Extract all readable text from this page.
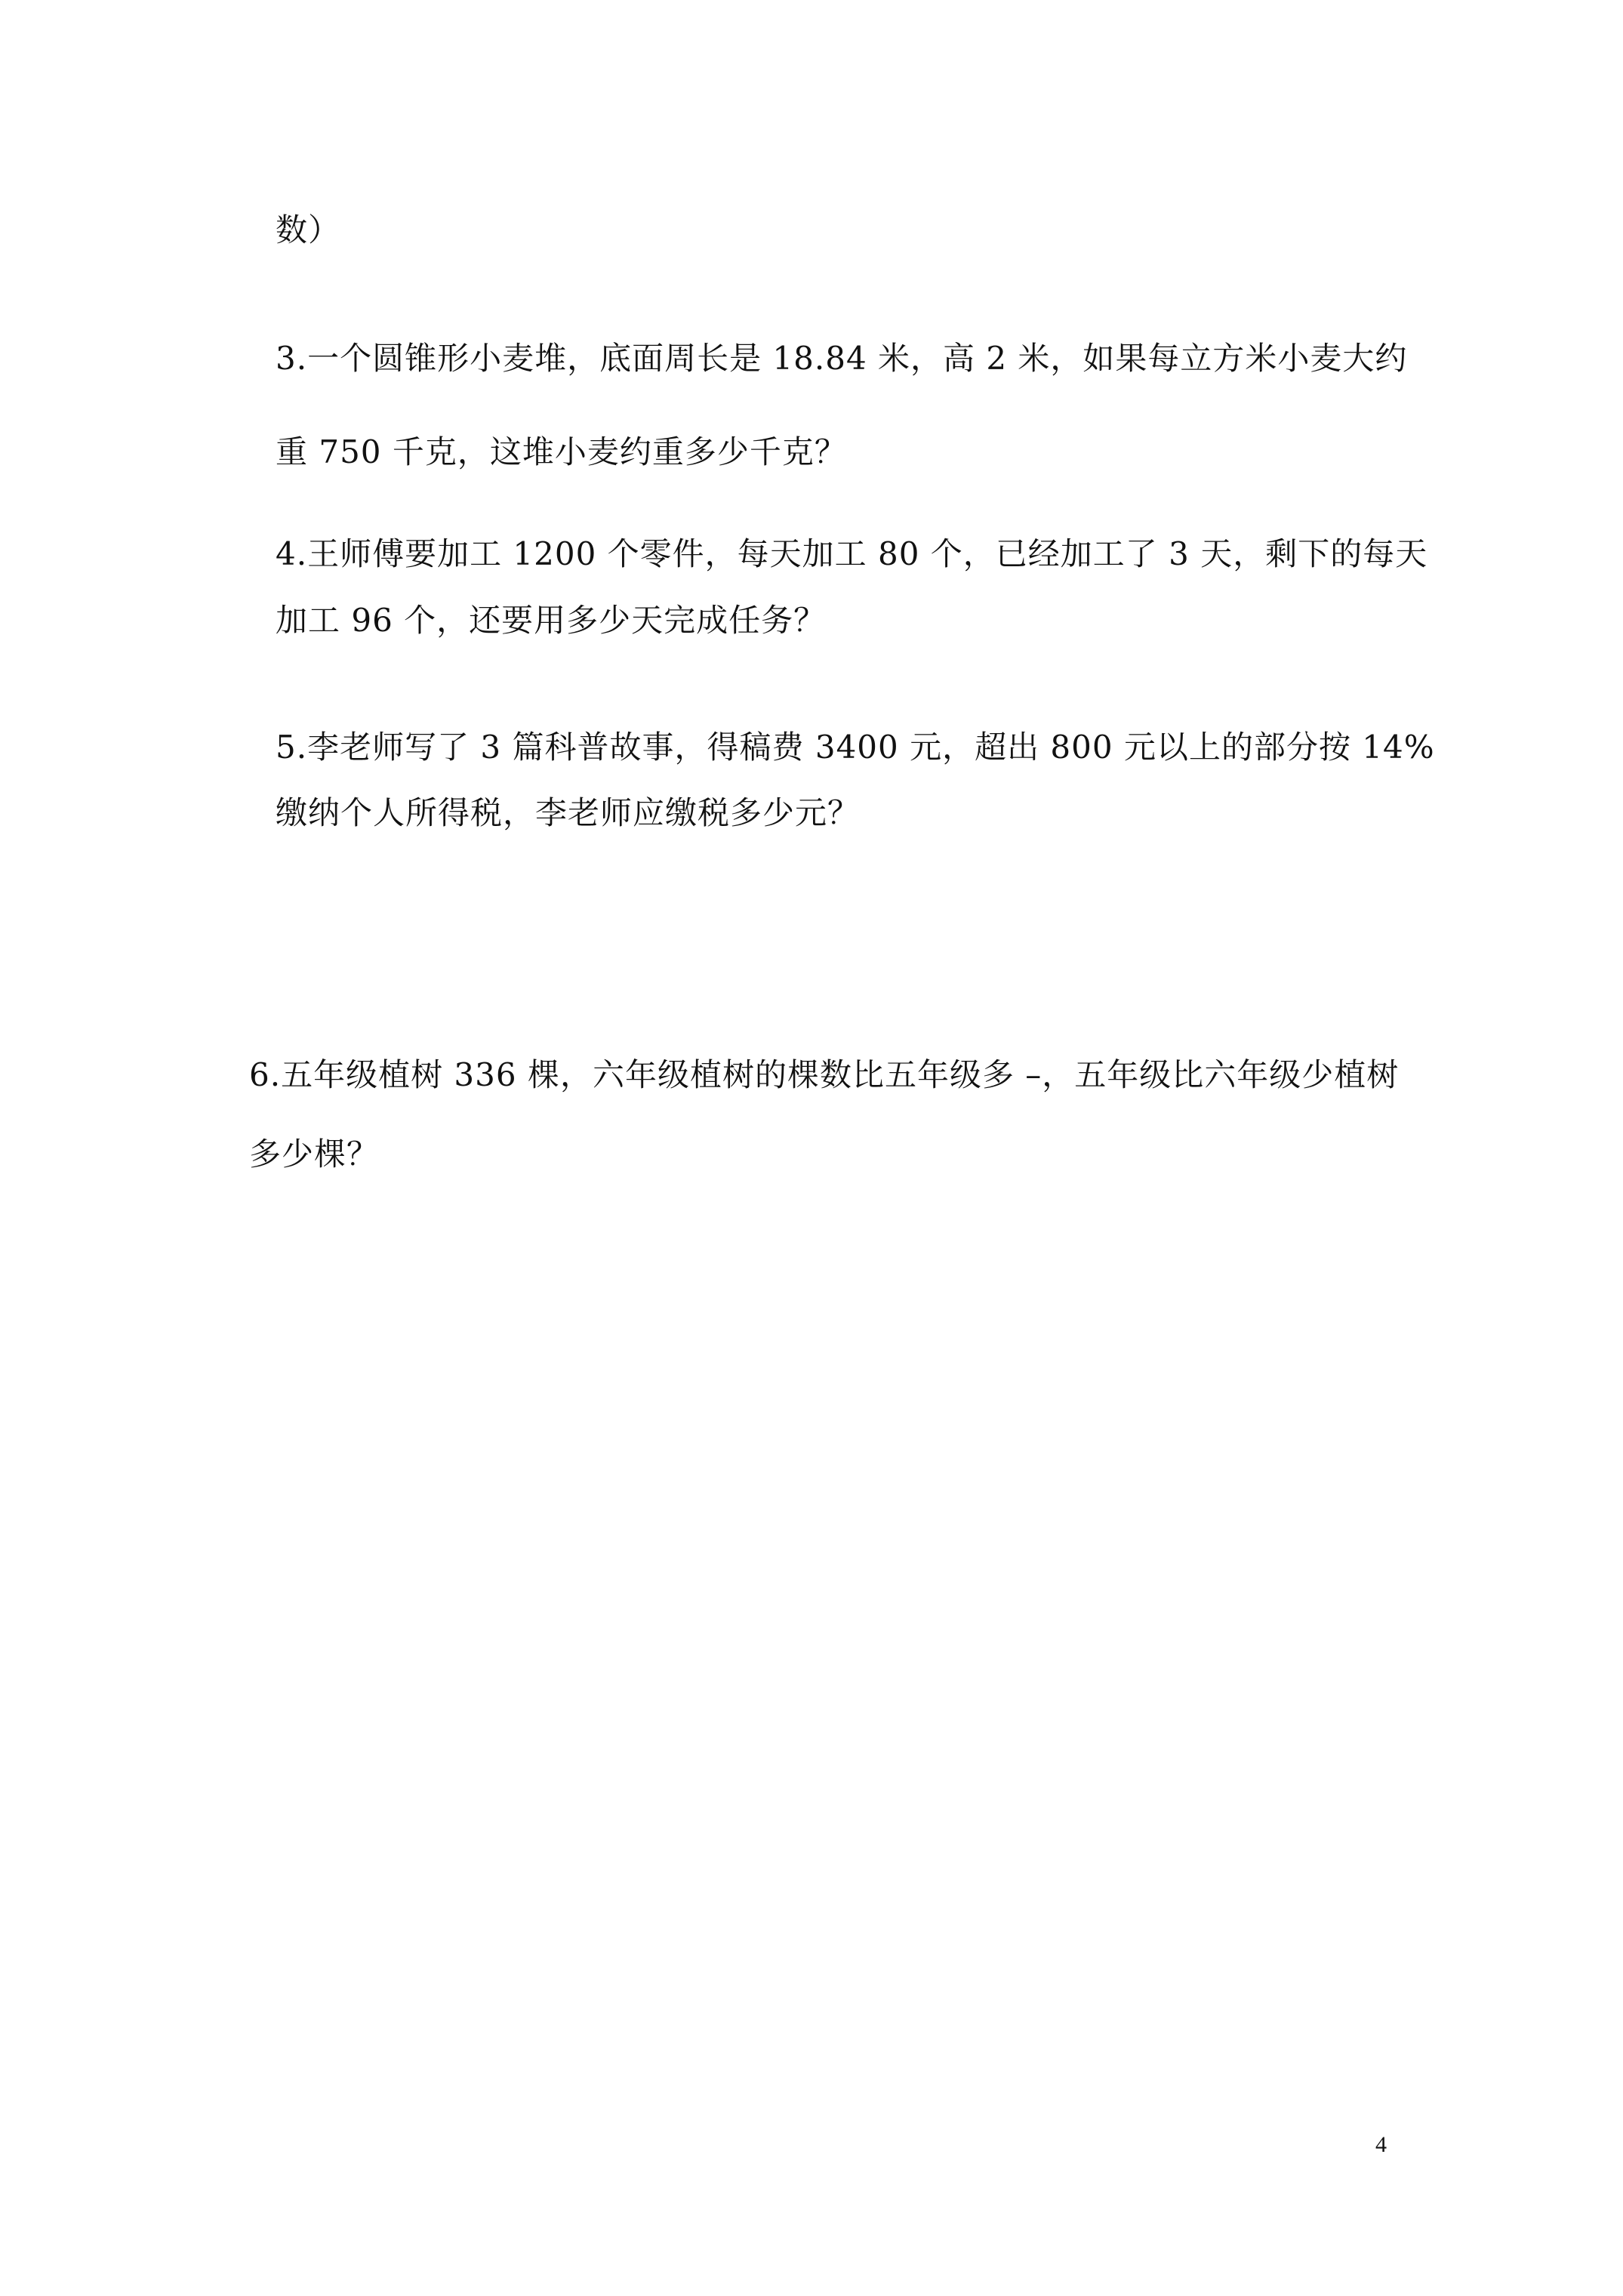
数）
3.一个圆锥形小麦堆，底面周长是 18.84 米，高 2 米，如果每立方米小麦大约
重 750 千克，这堆小麦约重多少千克？
4.王师傅要加工 1200 个零件，每天加工 80 个，已经加工了 3 天，剩下的每天
加工 96 个，还要用多少天完成任务？
5.李老师写了 3 篇科普故事，得稿费 3400 元，超出 800 元以上的部分按 14%
缴纳个人所得税，李老师应缴税多少元？
6.五年级植树 336 棵，六年级植树的棵数比五年级多 –，五年级比六年级少植树
多少棵？
4
